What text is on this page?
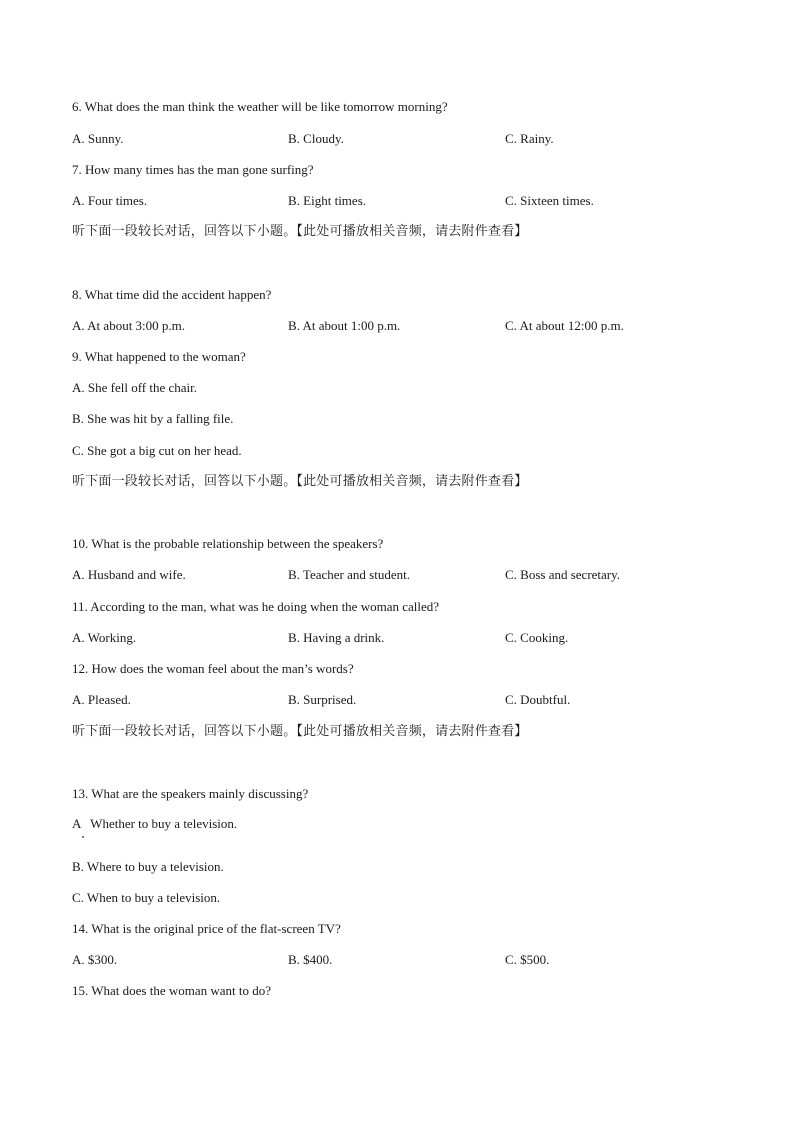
6. What does the man think the weather will be like tomorrow morning?
A. Sunny.	B. Cloudy.	C. Rainy.
7. How many times has the man gone surfing?
A. Four times.	B. Eight times.	C. Sixteen times.
听下面一段较长对话，回答以下小题。【此处可播放相关音频，请去附件查看】
8. What time did the accident happen?
A. At about 3:00 p.m.	B. At about 1:00 p.m.	C. At about 12:00 p.m.
9. What happened to the woman?
A. She fell off the chair.
B. She was hit by a falling file.
C. She got a big cut on her head.
听下面一段较长对话，回答以下小题。【此处可播放相关音频，请去附件查看】
10. What is the probable relationship between the speakers?
A. Husband and wife.	B. Teacher and student.	C. Boss and secretary.
11. According to the man, what was he doing when the woman called?
A. Working.	B. Having a drink.	C. Cooking.
12. How does the woman feel about the man’s words?
A. Pleased.	B. Surprised.	C. Doubtful.
听下面一段较长对话，回答以下小题。【此处可播放相关音频，请去附件查看】
13. What are the speakers mainly discussing?
A   Whether to buy a television.
B. Where to buy a television.
C. When to buy a television.
14. What is the original price of the flat-screen TV?
A. $300.	B. $400.	C. $500.
15. What does the woman want to do?
